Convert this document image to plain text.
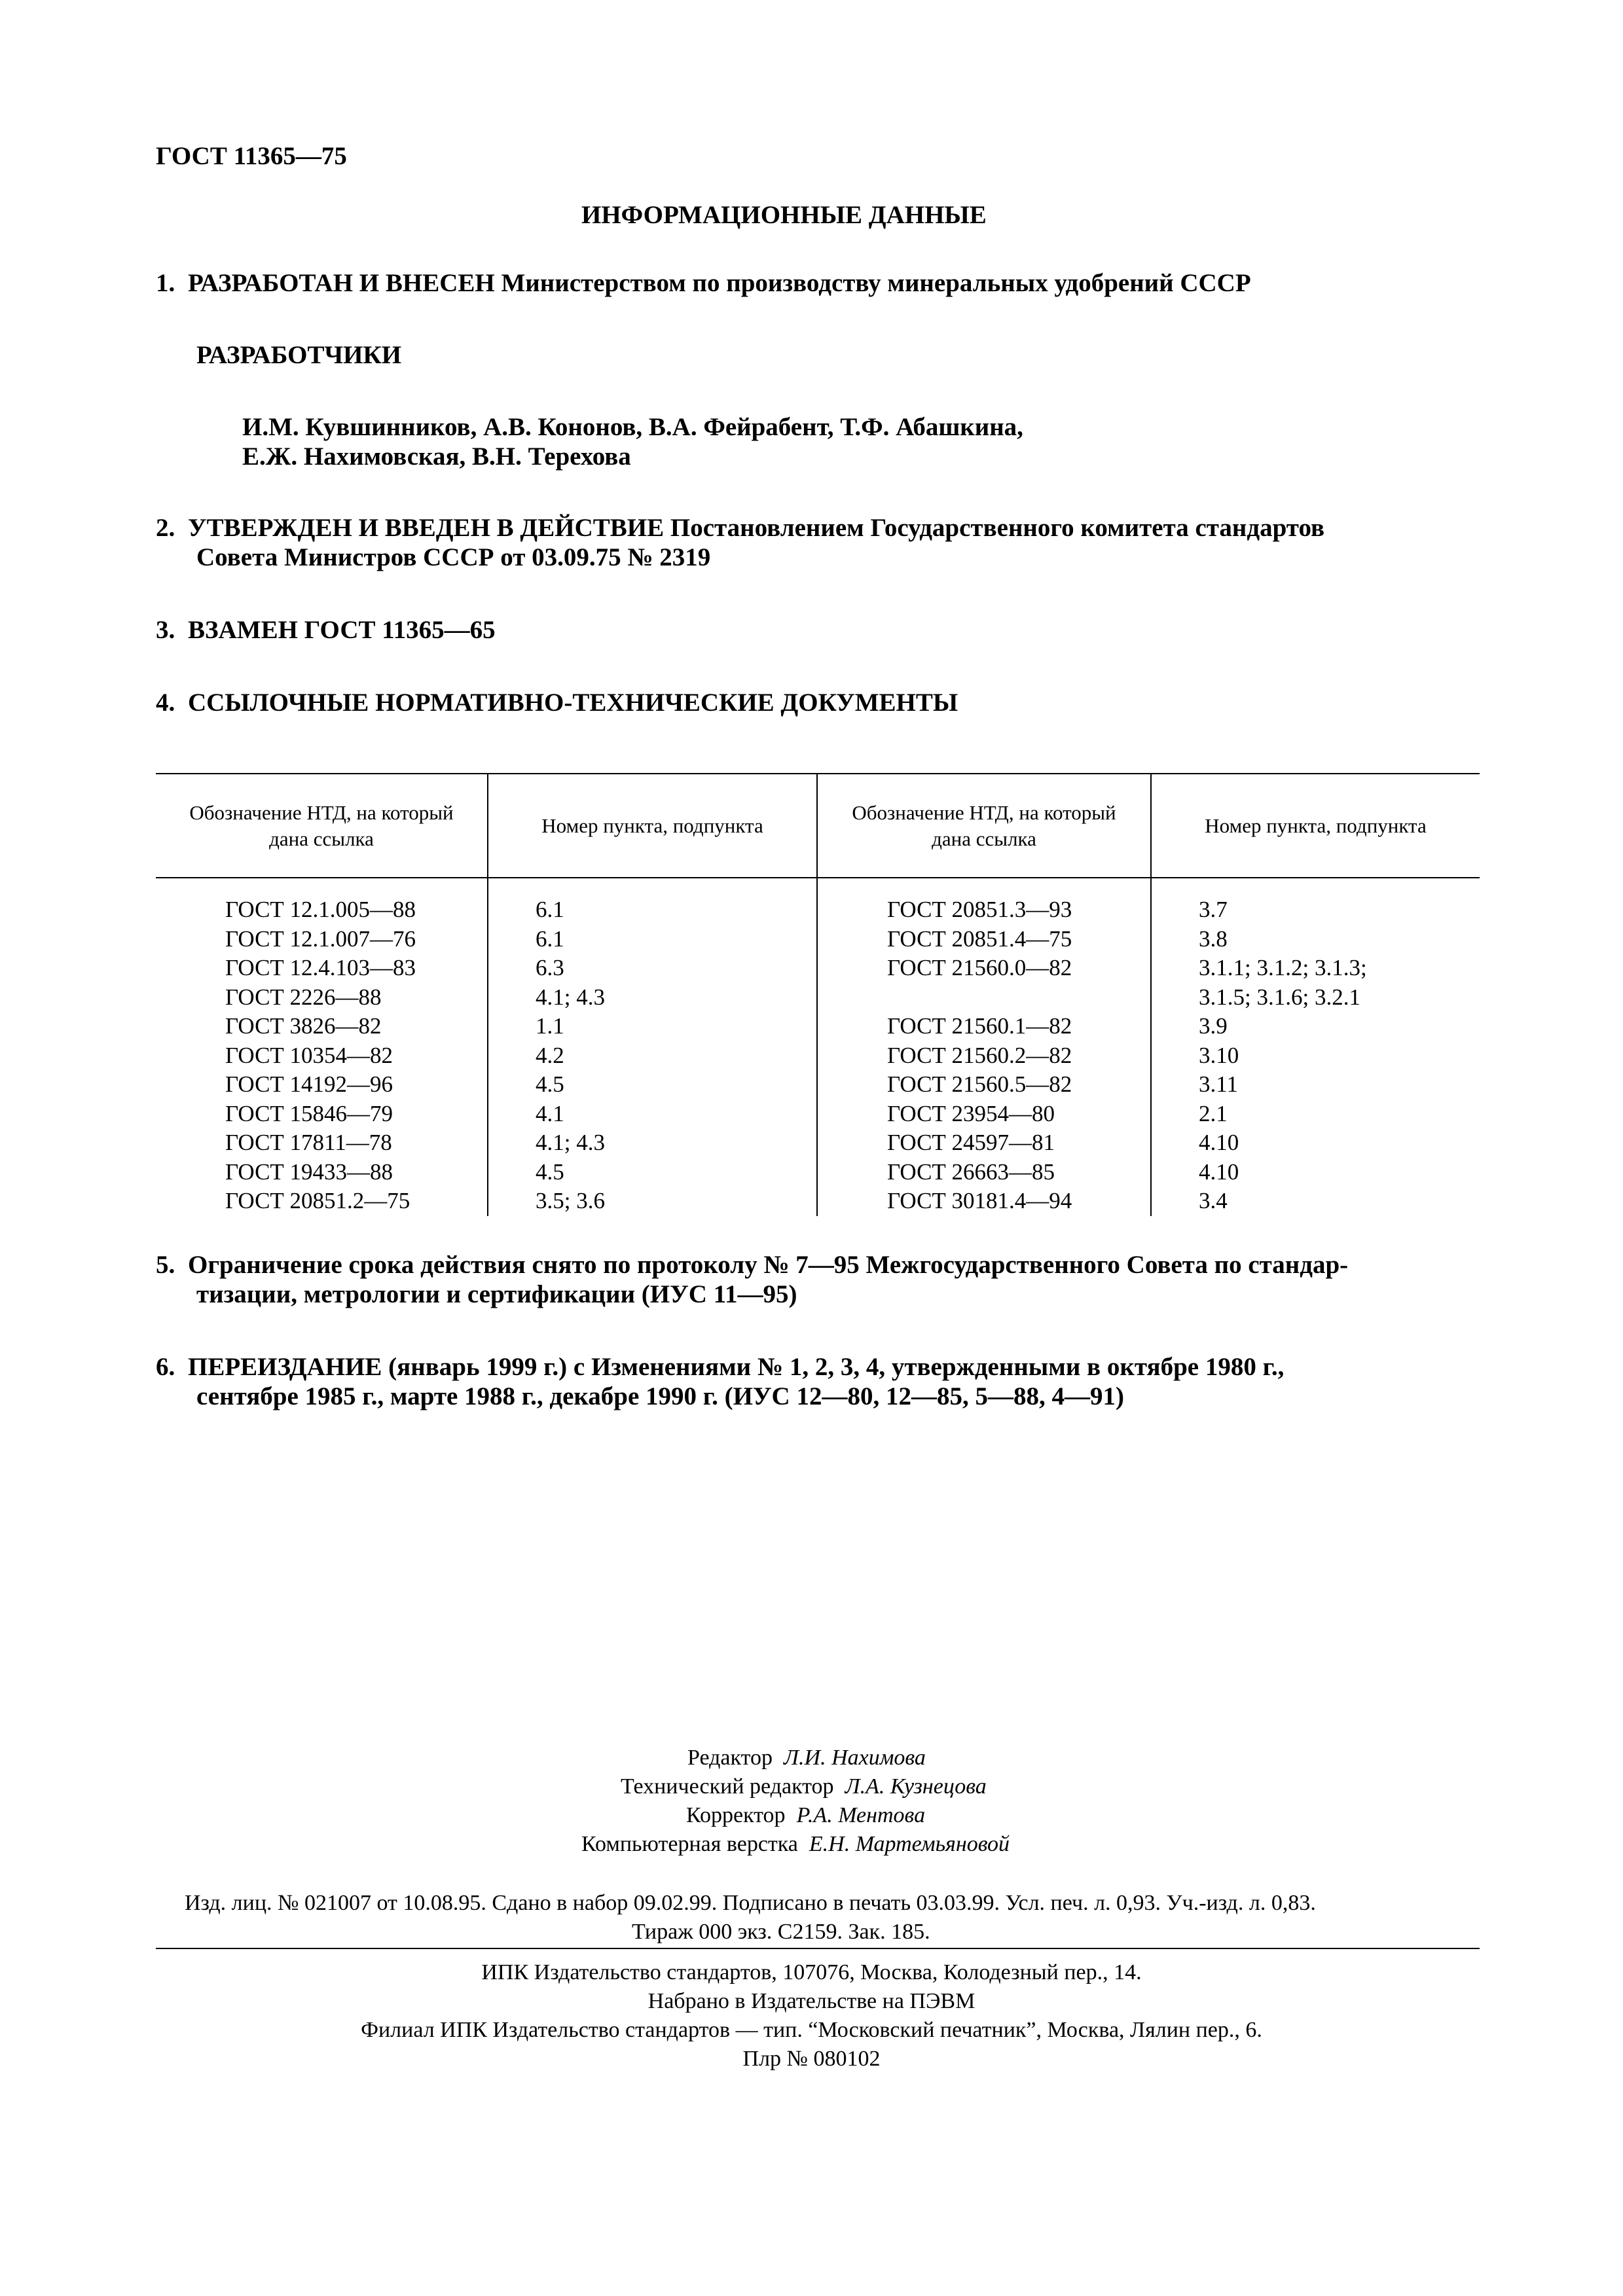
ГОСТ 11365—75
ИНФОРМАЦИОННЫЕ ДАННЫЕ
1. РАЗРАБОТАН И ВНЕСЕН Министерством по производству минеральных удобрений СССР
РАЗРАБОТЧИКИ
И.М. Кувшинников, А.В. Кононов, В.А. Фейрабент, Т.Ф. Абашкина,
Е.Ж. Нахимовская, В.Н. Терехова
2. УТВЕРЖДЕН И ВВЕДЕН В ДЕЙСТВИЕ Постановлением Государственного комитета стандартов
Совета Министров СССР от 03.09.75 № 2319
3. ВЗАМЕН ГОСТ 11365—65
4. ССЫЛОЧНЫЕ НОРМАТИВНО-ТЕХНИЧЕСКИЕ ДОКУМЕНТЫ
Обозначение НТД, на который дана ссылка	Номер пункта, подпункта	Обозначение НТД, на который дана ссылка	Номер пункта, подпункта
ГОСТ 12.1.005—88	6.1	ГОСТ 20851.3—93	3.7
ГОСТ 12.1.007—76	6.1	ГОСТ 20851.4—75	3.8
ГОСТ 12.4.103—83	6.3	ГОСТ 21560.0—82	3.1.1; 3.1.2; 3.1.3;
ГОСТ 2226—88	4.1; 4.3		3.1.5; 3.1.6; 3.2.1
ГОСТ 3826—82	1.1	ГОСТ 21560.1—82	3.9
ГОСТ 10354—82	4.2	ГОСТ 21560.2—82	3.10
ГОСТ 14192—96	4.5	ГОСТ 21560.5—82	3.11
ГОСТ 15846—79	4.1	ГОСТ 23954—80	2.1
ГОСТ 17811—78	4.1; 4.3	ГОСТ 24597—81	4.10
ГОСТ 19433—88	4.5	ГОСТ 26663—85	4.10
ГОСТ 20851.2—75	3.5; 3.6	ГОСТ 30181.4—94	3.4
5. Ограничение срока действия снято по протоколу № 7—95 Межгосударственного Совета по стандар-
тизации, метрологии и сертификации (ИУС 11—95)
6. ПЕРЕИЗДАНИЕ (январь 1999 г.) с Изменениями № 1, 2, 3, 4, утвержденными в октябре 1980 г.,
сентябре 1985 г., марте 1988 г., декабре 1990 г. (ИУС 12—80, 12—85, 5—88, 4—91)
Редактор Л.И. Нахимова
Технический редактор Л.А. Кузнецова
Корректор Р.А. Ментова
Компьютерная верстка Е.Н. Мартемьяновой
Изд. лиц. № 021007 от 10.08.95. Сдано в набор 09.02.99. Подписано в печать 03.03.99. Усл. печ. л. 0,93. Уч.-изд. л. 0,83.
Тираж 000 экз. С2159. Зак. 185.
ИПК Издательство стандартов, 107076, Москва, Колодезный пер., 14.
Набрано в Издательстве на ПЭВМ
Филиал ИПК Издательство стандартов — тип. “Московский печатник”, Москва, Лялин пер., 6.
Плр № 080102
